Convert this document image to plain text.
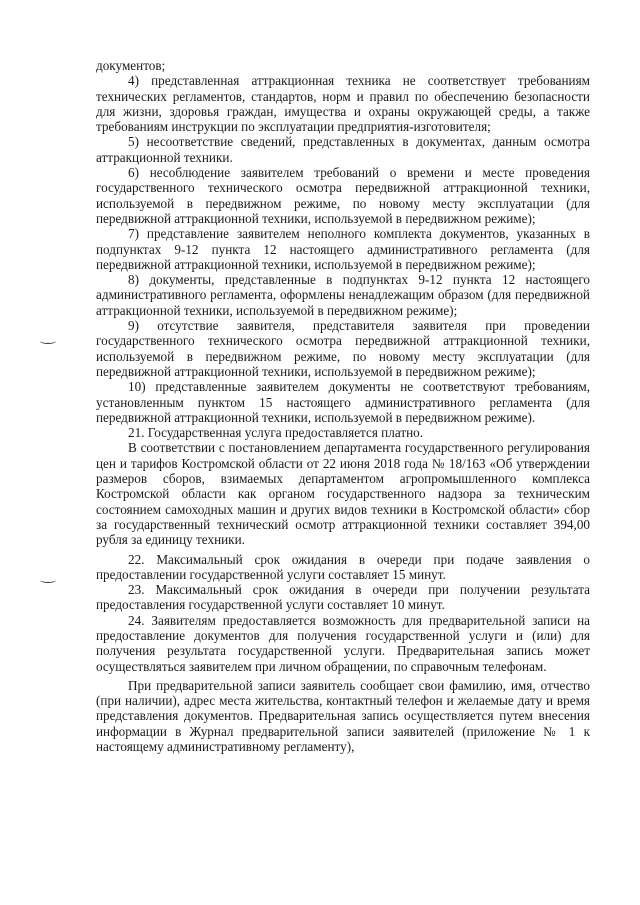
документов;

4) представленная аттракционная техника не соответствует требованиям технических регламентов, стандартов, норм и правил по обеспечению безопасности для жизни, здоровья граждан, имущества и охраны окружающей среды, а также требованиям инструкции по эксплуатации предприятия-изготовителя;

5) несоответствие сведений, представленных в документах, данным осмотра аттракционной техники.

6) несоблюдение заявителем требований о времени и месте проведения государственного технического осмотра передвижной аттракционной техники, используемой в передвижном режиме, по новому месту эксплуатации (для передвижной аттракционной техники, используемой в передвижном режиме);

7) представление заявителем неполного комплекта документов, указанных в подпунктах 9-12 пункта 12 настоящего административного регламента (для передвижной аттракционной техники, используемой в передвижном режиме);

8) документы, представленные в подпунктах 9-12 пункта 12 настоящего административного регламента, оформлены ненадлежащим образом (для передвижной аттракционной техники, используемой в передвижном режиме);

9) отсутствие заявителя, представителя заявителя при проведении государственного технического осмотра передвижной аттракционной техники, используемой в передвижном режиме, по новому месту эксплуатации (для передвижной аттракционной техники, используемой в передвижном режиме);

10) представленные заявителем документы не соответствуют требованиям, установленным пунктом 15 настоящего административного регламента (для передвижной аттракционной техники, используемой в передвижном режиме).

21. Государственная услуга предоставляется платно.

В соответствии с постановлением департамента государственного регулирования цен и тарифов Костромской области от 22 июня 2018 года № 18/163 «Об утверждении размеров сборов, взимаемых департаментом агропромышленного комплекса Костромской области как органом государственного надзора за техническим состоянием самоходных машин и других видов техники в Костромской области» сбор за государственный технический осмотр аттракционной техники составляет 394,00 рубля за единицу техники.

22. Максимальный срок ожидания в очереди при подаче заявления о предоставлении государственной услуги составляет 15 минут.

23. Максимальный срок ожидания в очереди при получении результата предоставления государственной услуги составляет 10 минут.

24. Заявителям предоставляется возможность для предварительной записи на предоставление документов для получения государственной услуги и (или) для получения результата государственной услуги. Предварительная запись может осуществляться заявителем при личном обращении, по справочным телефонам.

При предварительной записи заявитель сообщает свои фамилию, имя, отчество (при наличии), адрес места жительства, контактный телефон и желаемые дату и время представления документов. Предварительная запись осуществляется путем внесения информации в Журнал предварительной записи заявителей (приложение № 1 к настоящему административному регламенту),
